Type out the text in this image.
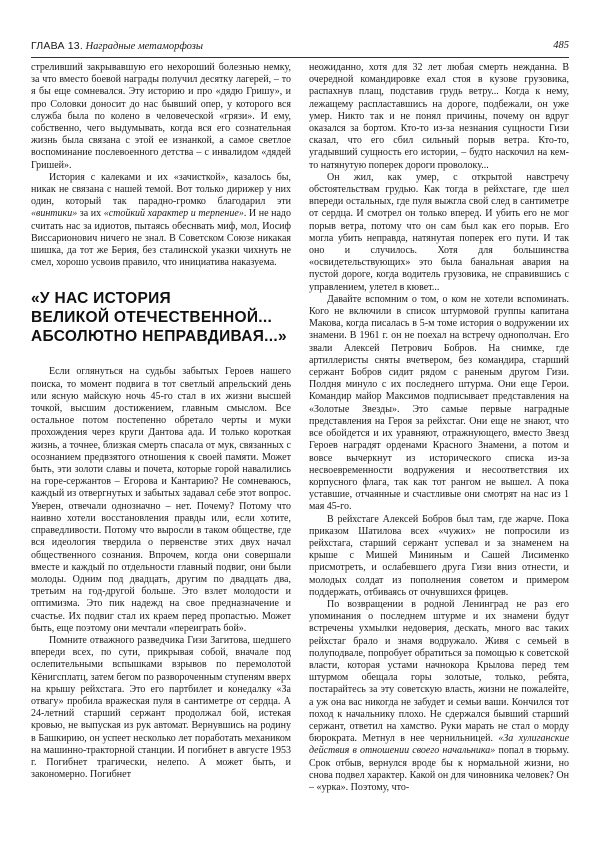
ГЛАВА 13. Наградные метаморфозы	485

стреливший закрывавшую его нехороший болезнью немку, за что вместо боевой награды получил десятку лагерей, – то я бы еще сомневался. Эту историю и про «дядю Гришу», и про Соловки доносит до нас бывший опер, у которого вся служба была по колено в человеческой «грязи». И ему, собственно, чего выдумывать, когда вся его сознательная жизнь была связана с этой ее изнанкой, а самое светлое воспоминание послевоенного детства – с инвалидом «дядей Гришей».

История с калеками и их «зачисткой», казалось бы, никак не связана с нашей темой. Вот только дирижер у них один, который так парадно-громко благодарил эти «винтики» за их «стойкий характер и терпение». И не надо считать нас за идиотов, пытаясь обеснвать миф, мол, Иосиф Виссарионович ничего не знал. В Советском Союзе никакая шишка, да тот же Берия, без сталинской указки чихнуть не смел, хорошо усвоив правило, что инициатива наказуема.

«У НАС ИСТОРИЯ
ВЕЛИКОЙ ОТЕЧЕСТВЕННОЙ...
АБСОЛЮТНО НЕПРАВДИВАЯ...»

Если оглянуться на судьбы забытых Героев нашего поиска, то момент подвига в тот светлый апрельский день или ясную майскую ночь 45-го стал в их жизни высшей точкой, высшим достижением, главным смыслом. Все остальное потом постепенно обретало черты и муки прохождения через круги Дантова ада. И только короткая жизнь, а точнее, близкая смерть спасала от мук, связанных с осознанием предвзятого отношения к своей памяти. Может быть, эти золоти славы и почета, которые горой навалились на горе-сержантов – Егорова и Кантарию? Не сомневаюсь, каждый из отвергнутых и забытых задавал себе этот вопрос. Уверен, отвечали однозначно – нет. Почему? Потому что наивно хотели восстановления правды или, если хотите, справедливости. Потому что выросли в таком обществе, где вся идеология твердила о первенстве этих двух начал общественного сознания. Впрочем, когда они совершали вместе и каждый по отдельности главный подвиг, они были молоды. Одним под двадцать, другим по двадцать два, третьим на год-другой больше. Это взлет молодости и оптимизма. Это пик надежд на свое предназначение и счастье. Их подвиг стал их краем перед пропастью. Может быть, еще поэтому они мечтали «переиграть бой».

Помните отважного разведчика Гизи Загитова, шедшего впереди всех, по сути, прикрывая собой, вначале под ослепительными вспышками взрывов по перемолотой Кёнигсплатц, затем бегом по развороченным ступеням вверх на крышу рейхстага. Это его партбилет и конедалку «За отвагу» пробила вражеская пуля в сантиметре от сердца. А 24-летний старший сержант продолжал бой, истекая кровью, не выпуская из рук автомат. Вернувшись на родину в Башкирию, он успеет несколько лет поработать механиком на машинно-тракторной станции. И погибнет в августе 1953 г. Погибнет трагически, нелепо. А может быть, и закономерно. Погибнет

неожиданно, хотя для 32 лет любая смерть нежданна. В очередной командировке ехал стоя в кузове грузовика, распахнув плащ, подставив грудь ветру... Когда к нему, лежащему распластавшись на дороге, подбежали, он уже умер. Никто так и не понял причины, почему он вдруг оказался за бортом. Кто-то из-за незнания сущности Гизи сказал, что его сбил сильный порыв ветра. Кто-то, угадывший сущность его истории, – будто наскочил на кем-то натянутую поперек дороги проволоку...

Он жил, как умер, с открытой навстречу обстоятельствам грудью. Как тогда в рейхстаге, где шел впереди остальных, где пуля выжгла свой след в сантиметре от сердца. И смотрел он только вперед. И убить его не мог порыв ветра, потому что он сам был как его порыв. Его могла убить неправда, натянутая поперек его пути. И так оно и случилось. Хотя для большинства «освидетельствующих» это была банальная авария на пустой дороге, когда водитель грузовика, не справившись с управлением, улетел в кювет...

Давайте вспомним о том, о ком не хотели вспоминать. Кого не включили в список штурмовой группы капитана Макова, когда писалась в 5-м томе история о водружении их знамени. В 1961 г. он не поехал на встречу однополчан. Его звали Алексей Петрович Бобров. На снимке, где артиллеристы сняты вчетвером, без командира, старший сержант Бобров сидит рядом с раненым другом Гизи. Полдня минуло с их последнего штурма. Они еще Герои. Командир майор Максимов подписывает представления на «Золотые Звезды». Это самые первые наградные представления на Героя за рейхстаг. Они еще не знают, что все обойдется и их уравняют, отражнующего, вместо Звезд Героев наградят орденами Красного Знамени, а потом и вовсе вычеркнут из исторического списка из-за несвоевременности водружения и несоответствия их корпусного флага, так как тот рангом не вышел. А пока уставшие, отчаянные и счастливые они смотрят на нас из 1 мая 45-го.

В рейхстаге Алексей Бобров был там, где жарче. Пока приказом Шатилова всех «чужих» не попросили из рейхстага, старший сержант успевал и за знаменем на крыше с Мишей Мининым и Сашей Лисименко присмотреть, и ослабевшего друга Гизи вниз отнести, и молодых солдат из пополнения советом и примером поддержать, отбиваясь от очнувшихся фрицев.

По возвращении в родной Ленинград не раз его упоминания о последнем штурме и их знамени будут встречены ухмылки недоверия, дескать, много вас таких рейхстаг брало и знамя водружало. Живя с семьей в полуподвале, попробует обратиться за помощью к советской власти, которая устами начнокора Крылова перед тем штурмом обещала горы золотые, только, ребята, постарайтесь за эту советскую власть, жизни не пожалейте, а уж она вас никогда не забудет и семьи ваши. Кончился тот поход к начальнику плохо. Не сдержался бывший старший сержант, ответил на хамство. Руки марать не стал о морду бюрократа. Метнул в нее чернильницей. «За хулиганские действия в отношении своего начальника» попал в тюрьму. Срок отбыв, вернулся вроде бы к нормальной жизни, но снова подвел характер. Какой он для чиновника человек? Он – «урка». Поэтому, что-
